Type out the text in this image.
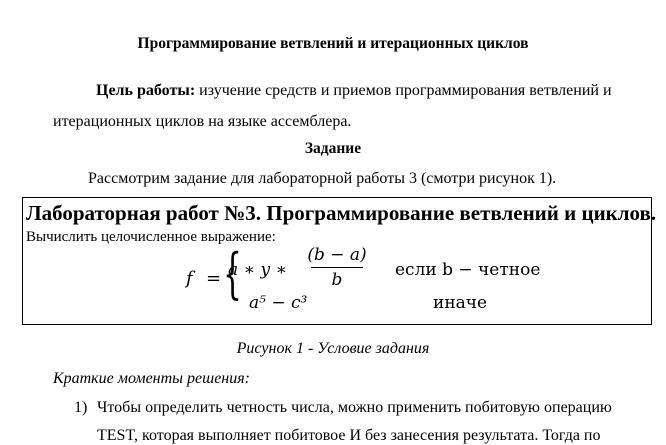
Программирование ветвлений и итерационных циклов
Цель работы: изучение средств и приемов программирования ветвлений и
итерационных циклов на языке ассемблера.
Задание
Рассмотрим задание для лабораторной работы 3 (смотри рисунок 1).
Лабораторная работ №3. Программирование ветвлений и циклов.
Вычислить целочисленное выражение:
f = {
a ∗ y ∗
(b − a)
b	если b − четное
a⁵ − c³	иначе
Рисунок 1 - Условие задания
Краткие моменты решения:
1) Чтобы определить четность числа, можно применить побитовую операцию
TEST, которая выполняет побитовое И без занесения результата. Тогда по
